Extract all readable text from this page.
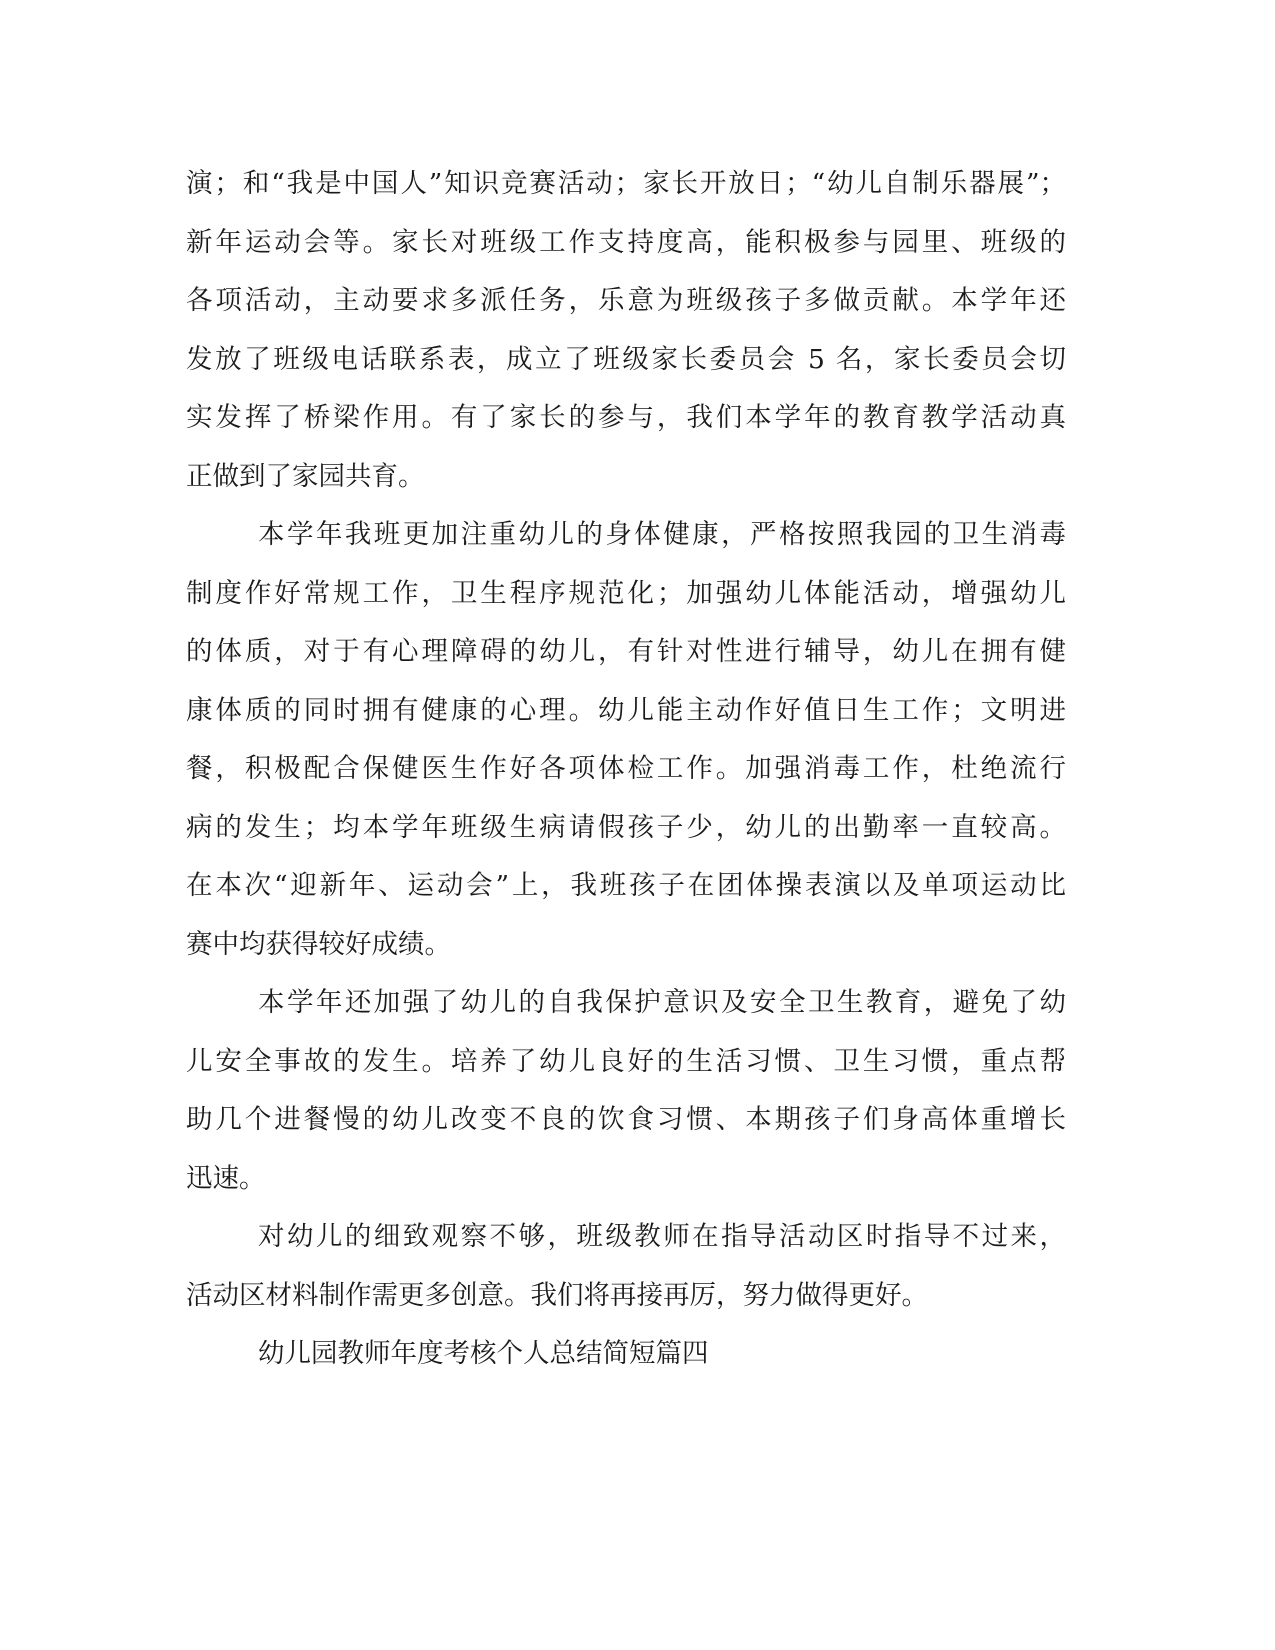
演；和“我是中国人”知识竞赛活动；家长开放日；“幼儿自制乐器展”；
新年运动会等。家长对班级工作支持度高，能积极参与园里、班级的
各项活动，主动要求多派任务，乐意为班级孩子多做贡献。本学年还
发放了班级电话联系表，成立了班级家长委员会 5 名，家长委员会切
实发挥了桥梁作用。有了家长的参与，我们本学年的教育教学活动真
正做到了家园共育。
本学年我班更加注重幼儿的身体健康，严格按照我园的卫生消毒
制度作好常规工作，卫生程序规范化；加强幼儿体能活动，增强幼儿
的体质，对于有心理障碍的幼儿，有针对性进行辅导，幼儿在拥有健
康体质的同时拥有健康的心理。幼儿能主动作好值日生工作；文明进
餐，积极配合保健医生作好各项体检工作。加强消毒工作，杜绝流行
病的发生；均本学年班级生病请假孩子少，幼儿的出勤率一直较高。
在本次“迎新年、运动会”上，我班孩子在团体操表演以及单项运动比
赛中均获得较好成绩。
本学年还加强了幼儿的自我保护意识及安全卫生教育，避免了幼
儿安全事故的发生。培养了幼儿良好的生活习惯、卫生习惯，重点帮
助几个进餐慢的幼儿改变不良的饮食习惯、本期孩子们身高体重增长
迅速。
对幼儿的细致观察不够，班级教师在指导活动区时指导不过来，
活动区材料制作需更多创意。我们将再接再厉，努力做得更好。
幼儿园教师年度考核个人总结简短篇四
